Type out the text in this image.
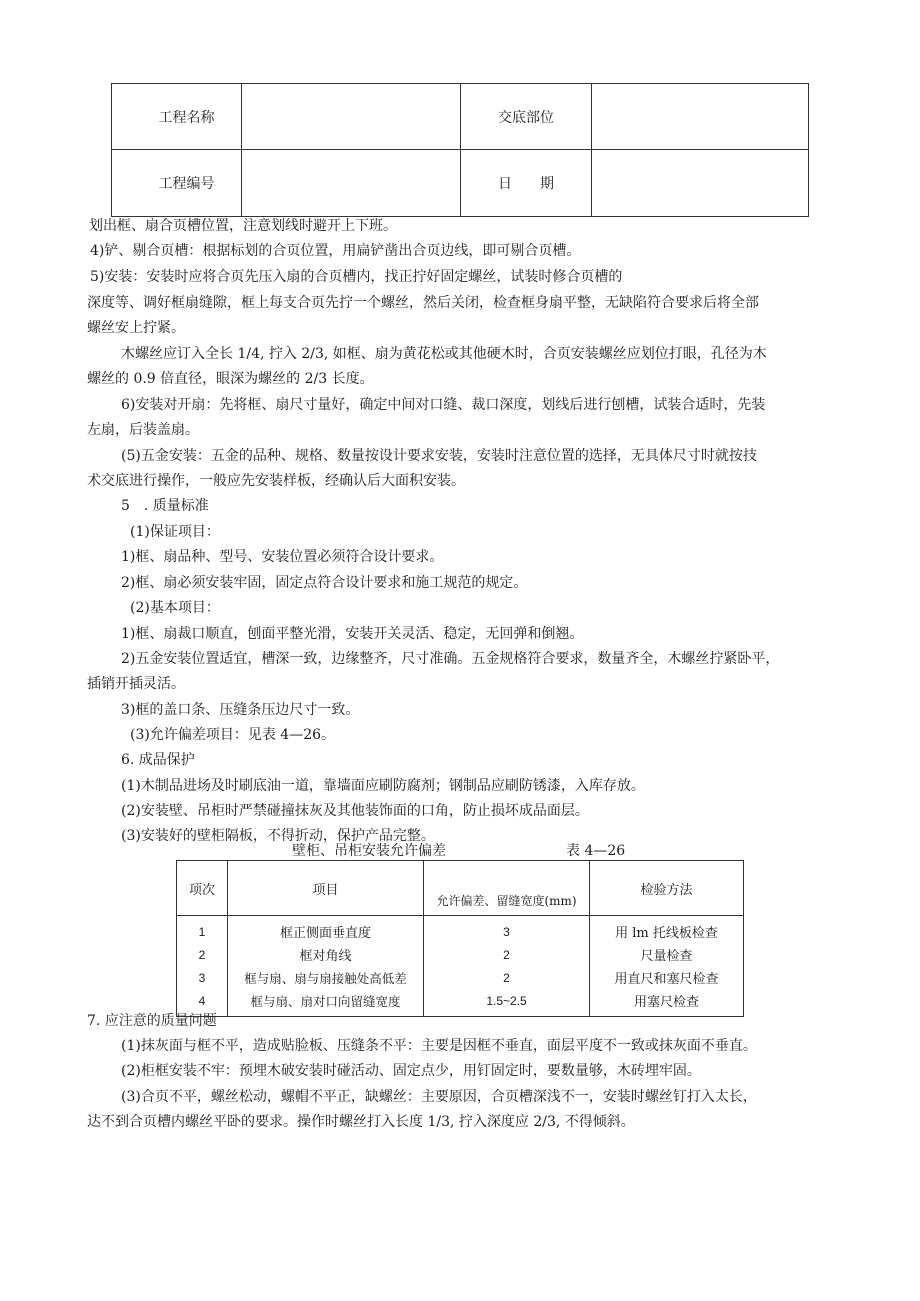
工程名称		交底部位	
工程编号		日　　期	
划出框、扇合页槽位置，注意划线时避开上下班。
4)铲、剔合页槽：根据标划的合页位置，用扁铲凿出合页边线，即可剔合页槽。
5)安装：安装时应将合页先压入扇的合页槽内，找正拧好固定螺丝，试装时修合页槽的
深度等、调好框扇缝隙，框上每支合页先拧一个螺丝，然后关闭，检查框身扇平整，无缺陷符合要求后将全部
螺丝安上拧紧。
木螺丝应订入全长 1/4, 拧入 2/3, 如框、扇为黄花松或其他硬木时，合页安装螺丝应划位打眼，孔径为木
螺丝的 0.9 倍直径，眼深为螺丝的 2/3 长度。
6)安装对开扇：先将框、扇尺寸量好，确定中间对口缝、裁口深度，划线后进行刨槽，试装合适时，先装
左扇，后装盖扇。
(5)五金安装：五金的品种、规格、数量按设计要求安装，安装时注意位置的选择，无具体尺寸时就按技
术交底进行操作，一般应先安装样板，经确认后大面积安装。
5　. 质量标准
(1)保证项目：
1)框、扇品种、型号、安装位置必须符合设计要求。
2)框、扇必须安装牢固，固定点符合设计要求和施工规范的规定。
(2)基本项目：
1)框、扇裁口顺直，刨面平整光滑，安装开关灵活、稳定，无回弹和倒翘。
2)五金安装位置适宜，槽深一致，边缘整齐，尺寸准确。五金规格符合要求，数量齐全，木螺丝拧紧卧平，
插销开插灵活。
3)框的盖口条、压缝条压边尺寸一致。
(3)允许偏差项目：见表 4—26。
6. 成品保护
(1)木制品进场及时刷底油一道，靠墙面应刷防腐剂；钢制品应刷防锈漆，入库存放。
(2)安装壁、吊柜时严禁碰撞抹灰及其他装饰面的口角，防止损坏成品面层。
(3)安装好的壁柜隔板，不得折动，保护产品完整。
壁柜、吊柜安装允许偏差	表 4—26
项次	项目	允许偏差、留缝宽度(mm)	检验方法
1	框正侧面垂直度	3	用 lm 托线板检查
2	框对角线	2	尺量检查
3	框与扇、扇与扇接触处高低差	2	用直尺和塞尺检查
4	框与扇、扇对口向留缝宽度	1.5~2.5	用塞尺检查
7. 应注意的质量问题
(1)抹灰面与框不平，造成贴脸板、压缝条不平：主要是因框不垂直，面层平度不一致或抹灰面不垂直。
(2)柜框安装不牢：预埋木破安装时碰活动、固定点少，用钉固定时，要数量够，木砖埋牢固。
(3)合页不平，螺丝松动，螺帽不平正，缺螺丝：主要原因，合页槽深浅不一，安装时螺丝钉打入太长，
达不到合页槽内螺丝平卧的要求。操作时螺丝打入长度 1/3, 拧入深度应 2/3, 不得倾斜。
